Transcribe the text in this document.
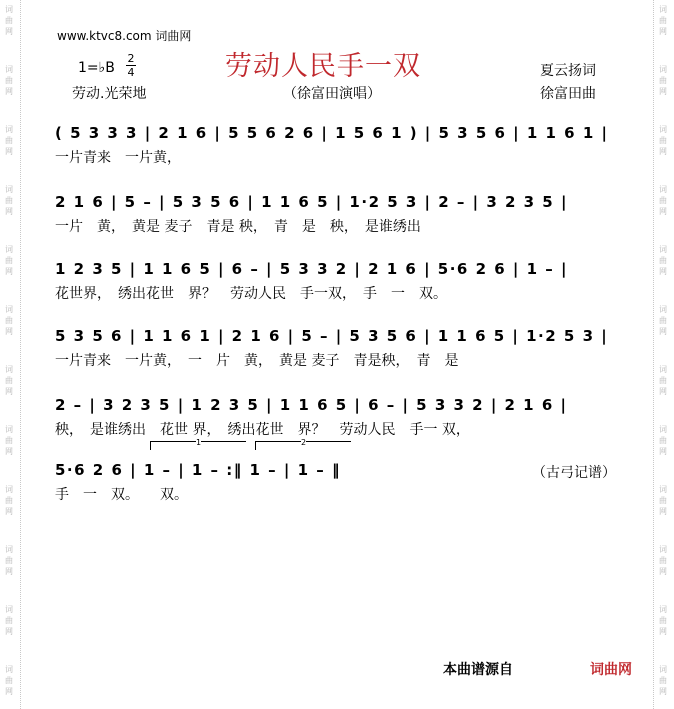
词
曲
网
词
曲
网
词
曲
网
词
曲
网
词
曲
网
词
曲
网
词
曲
网
词
曲
网
词
曲
网
词
曲
网
词
曲
网
词
曲
网
词
曲
网
词
曲
网
词
曲
网
词
曲
网
词
曲
网
词
曲
网
词
曲
网
词
曲
网
词
曲
网
词
曲
网
词
曲
网
词
曲
网
www.ktvc8.com 词曲网
劳动人民手一双
1=♭B
2
4	夏云扬词
徐富田曲
劳动.光荣地	（徐富田演唱）
( 5 3 3 3 | 2 1 6 | 5 5 6 2 6 | 1 5 6 1 ) | 5 3 5 6 | 1 1 6 1 |
一片青来　一片黄，
2 1 6 | 5 – | 5 3 5 6 | 1 1 6 5 | 1·2 5 3 | 2 – | 3 2 3 5 |
一片　黄，　黄是 麦子　青是 秧，　青　是　秧，　是谁绣出
1 2 3 5 | 1 1 6 5 | 6 – | 5 3 3 2 | 2 1 6 | 5·6 2 6 | 1 – |
花世界，　绣出花世　界？　劳动人民　手一双，　手　一　双。
5 3 5 6 | 1 1 6 1 | 2 1 6 | 5 – | 5 3 5 6 | 1 1 6 5 | 1·2 5 3 |
一片青来　一片黄，　一　片　黄，　黄是 麦子　青是秧，　青　是
2 – | 3 2 3 5 | 1 2 3 5 | 1 1 6 5 | 6 – | 5 3 3 2 | 2 1 6 |
秧，　是谁绣出　花世 界，　绣出花世　界？　劳动人民　手一 双，
5·6 2 6 | 1 – | 1 – :‖ 1 – | 1 – ‖
手　一　双。　　双。
1	2
（古弓记谱）
本曲谱源自	词曲网
